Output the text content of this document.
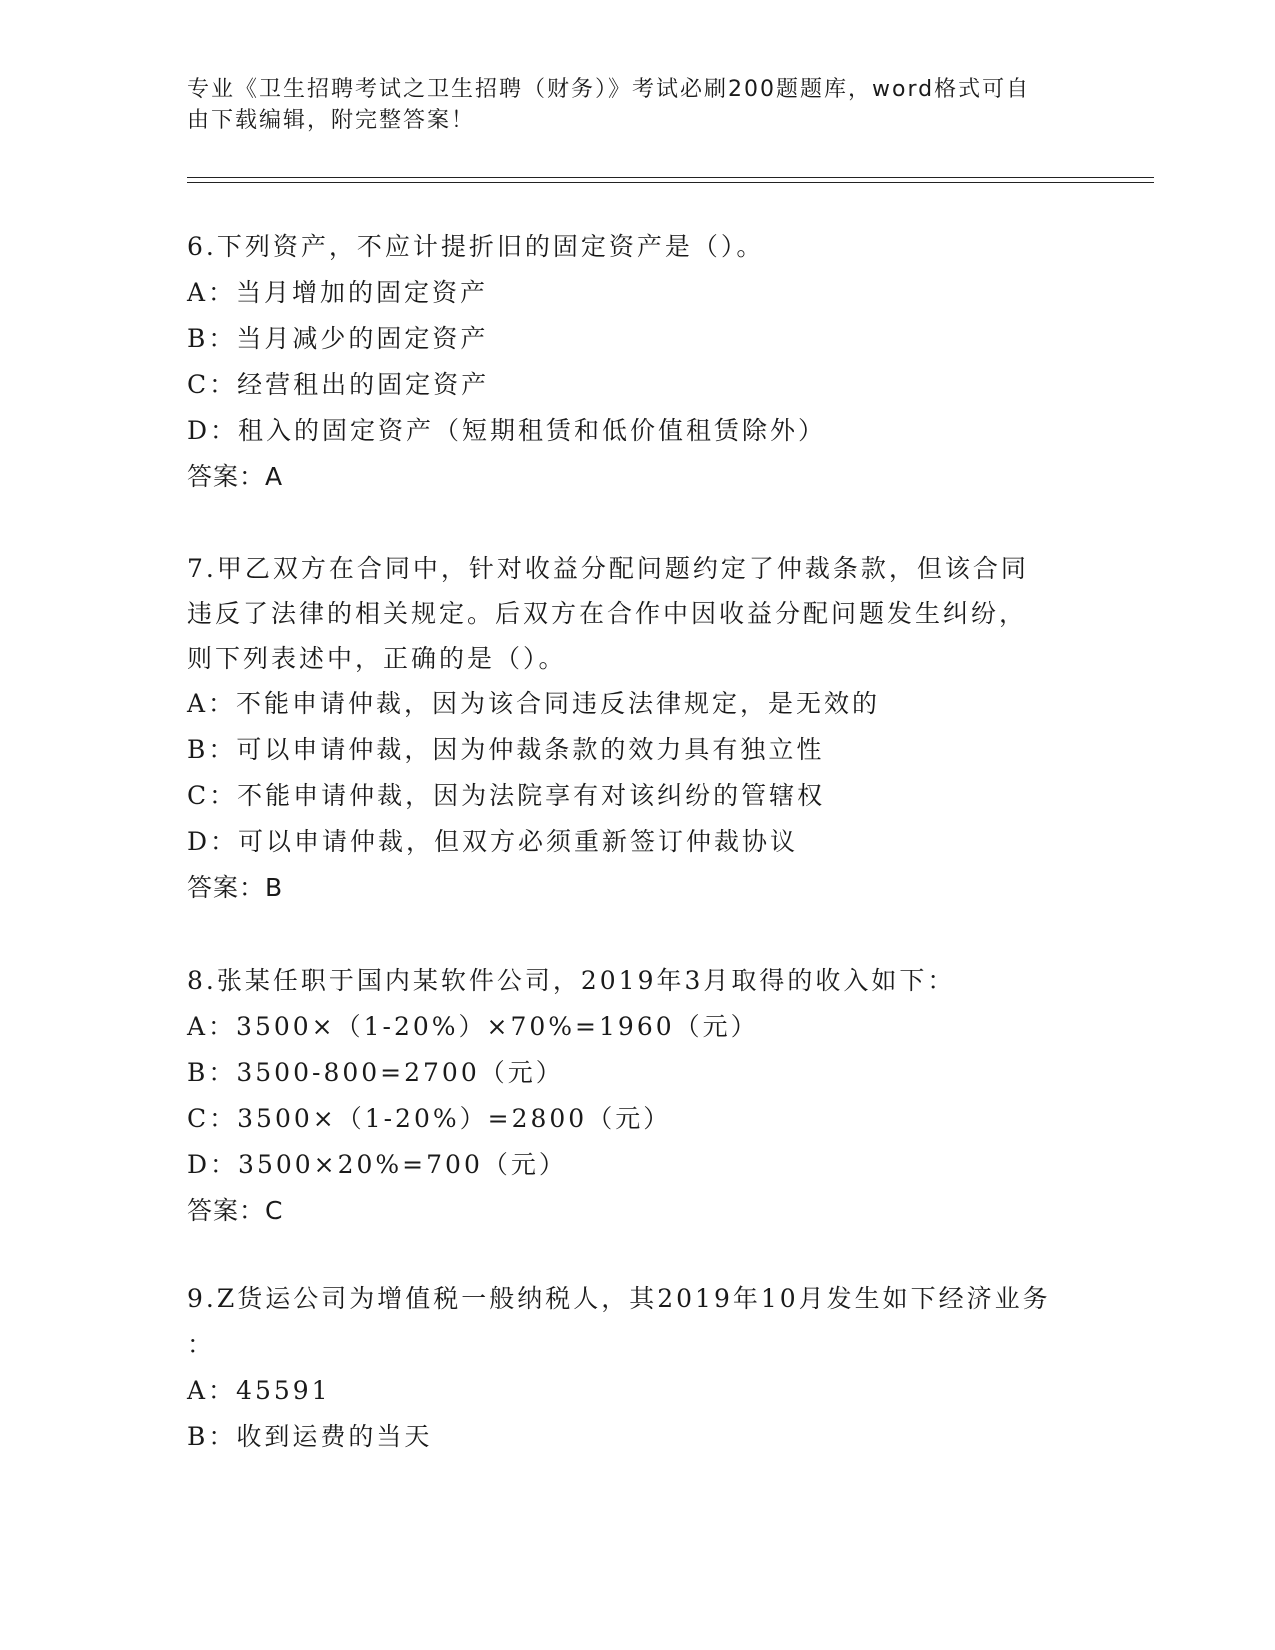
专业《卫生招聘考试之卫生招聘（财务）》考试必刷200题题库，word格式可自
由下载编辑，附完整答案！
6.下列资产，不应计提折旧的固定资产是（）。
A：当月增加的固定资产
B：当月减少的固定资产
C：经营租出的固定资产
D：租入的固定资产（短期租赁和低价值租赁除外）
答案：A
7.甲乙双方在合同中，针对收益分配问题约定了仲裁条款，但该合同
违反了法律的相关规定。后双方在合作中因收益分配问题发生纠纷，
则下列表述中，正确的是（）。
A：不能申请仲裁，因为该合同违反法律规定，是无效的
B：可以申请仲裁，因为仲裁条款的效力具有独立性
C：不能申请仲裁，因为法院享有对该纠纷的管辖权
D：可以申请仲裁，但双方必须重新签订仲裁协议
答案：B
8.张某任职于国内某软件公司，2019年3月取得的收入如下：
A：3500×（1-20%）×70%=1960（元）
B：3500-800=2700（元）
C：3500×（1-20%）=2800（元）
D：3500×20%=700（元）
答案：C
9.Z货运公司为增值税一般纳税人，其2019年10月发生如下经济业务
：
A：45591
B：收到运费的当天
